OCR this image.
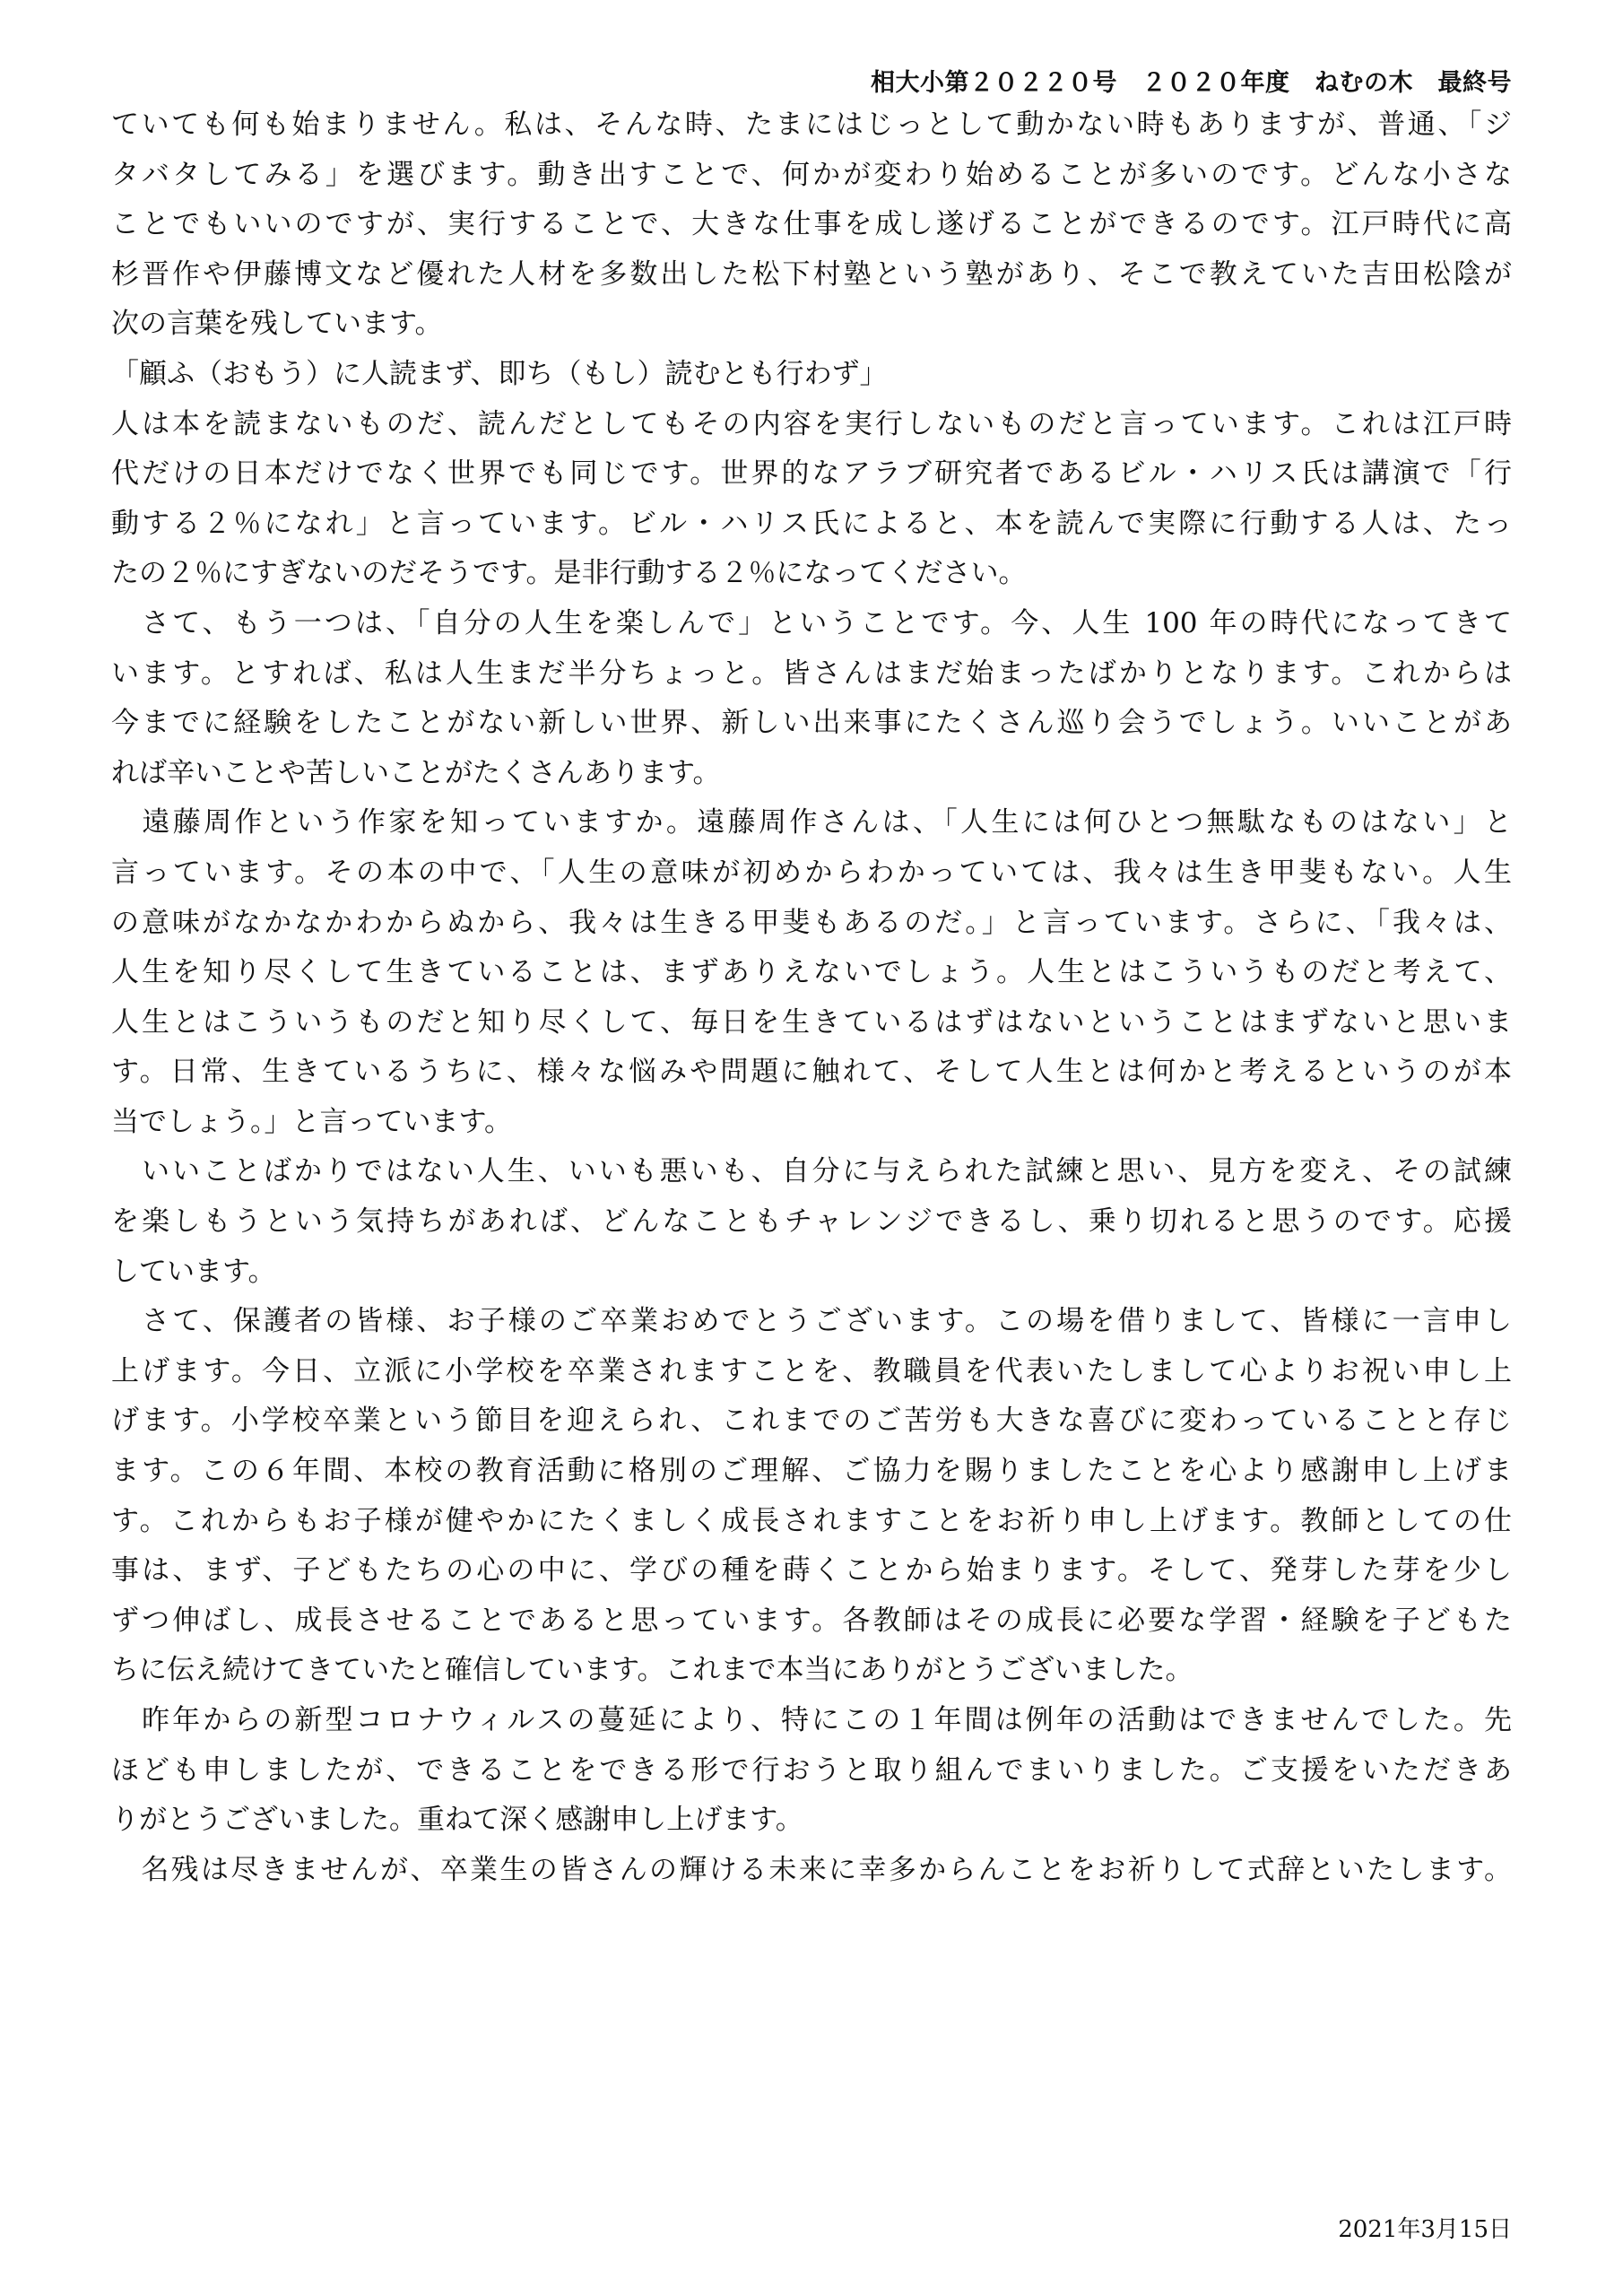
相大小第２０２２０号　２０２０年度　ねむの木　最終号
ていても何も始まりません。私は、そんな時、たまにはじっとして動かない時もありますが、普通、「ジ
タバタしてみる」を選びます。動き出すことで、何かが変わり始めることが多いのです。どんな小さな
ことでもいいのですが、実行することで、大きな仕事を成し遂げることができるのです。江戸時代に高
杉晋作や伊藤博文など優れた人材を多数出した松下村塾という塾があり、そこで教えていた吉田松陰が
次の言葉を残しています。
「顧ふ（おもう）に人読まず、即ち（もし）読むとも行わず」
人は本を読まないものだ、読んだとしてもその内容を実行しないものだと言っています。これは江戸時
代だけの日本だけでなく世界でも同じです。世界的なアラブ研究者であるビル・ハリス氏は講演で「行
動する２％になれ」と言っています。ビル・ハリス氏によると、本を読んで実際に行動する人は、たっ
たの２％にすぎないのだそうです。是非行動する２％になってください。
　さて、もう一つは、「自分の人生を楽しんで」ということです。今、人生 100 年の時代になってきて
います。とすれば、私は人生まだ半分ちょっと。皆さんはまだ始まったばかりとなります。これからは
今までに経験をしたことがない新しい世界、新しい出来事にたくさん巡り会うでしょう。いいことがあ
れば辛いことや苦しいことがたくさんあります。
　遠藤周作という作家を知っていますか。遠藤周作さんは、「人生には何ひとつ無駄なものはない」と
言っています。その本の中で、「人生の意味が初めからわかっていては、我々は生き甲斐もない。人生
の意味がなかなかわからぬから、我々は生きる甲斐もあるのだ。」と言っています。さらに、「我々は、
人生を知り尽くして生きていることは、まずありえないでしょう。人生とはこういうものだと考えて、
人生とはこういうものだと知り尽くして、毎日を生きているはずはないということはまずないと思いま
す。日常、生きているうちに、様々な悩みや問題に触れて、そして人生とは何かと考えるというのが本
当でしょう。」と言っています。
　いいことばかりではない人生、いいも悪いも、自分に与えられた試練と思い、見方を変え、その試練
を楽しもうという気持ちがあれば、どんなこともチャレンジできるし、乗り切れると思うのです。応援
しています。
　さて、保護者の皆様、お子様のご卒業おめでとうございます。この場を借りまして、皆様に一言申し
上げます。今日、立派に小学校を卒業されますことを、教職員を代表いたしまして心よりお祝い申し上
げます。小学校卒業という節目を迎えられ、これまでのご苦労も大きな喜びに変わっていることと存じ
ます。この６年間、本校の教育活動に格別のご理解、ご協力を賜りましたことを心より感謝申し上げま
す。これからもお子様が健やかにたくましく成長されますことをお祈り申し上げます。教師としての仕
事は、まず、子どもたちの心の中に、学びの種を蒔くことから始まります。そして、発芽した芽を少し
ずつ伸ばし、成長させることであると思っています。各教師はその成長に必要な学習・経験を子どもた
ちに伝え続けてきていたと確信しています。これまで本当にありがとうございました。
　昨年からの新型コロナウィルスの蔓延により、特にこの１年間は例年の活動はできませんでした。先
ほども申しましたが、できることをできる形で行おうと取り組んでまいりました。ご支援をいただきあ
りがとうございました。重ねて深く感謝申し上げます。
　名残は尽きませんが、卒業生の皆さんの輝ける未来に幸多からんことをお祈りして式辞といたします。
2021年3月15日
